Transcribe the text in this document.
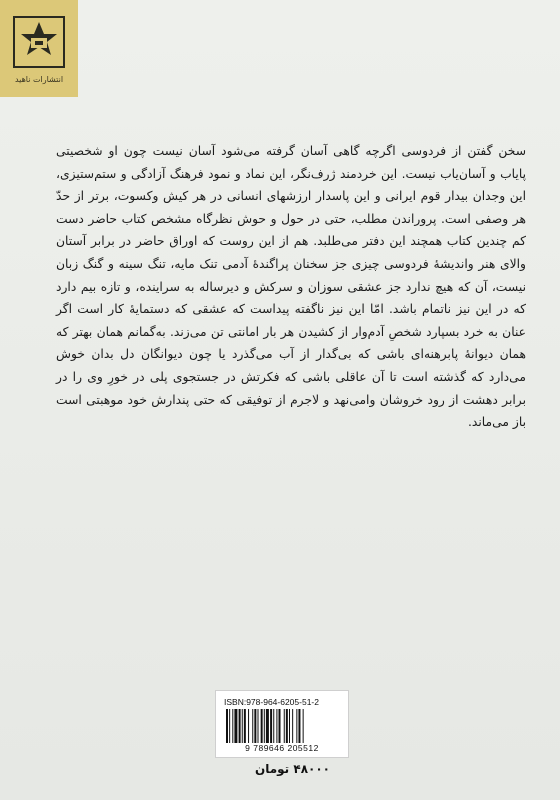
انتشارات ناهید

سخن گفتن از فردوسی اگرچه گاهی آسان گرفته می‌شود آسان نیست چون او شخصیتی پایاب و آسان‌یاب نیست. این خردمند ژرف‌نگر، این نماد و نمود فرهنگ آزادگی و ستم‌ستیزی، این وجدان بیدار قوم ایرانی و این پاسدار ارزشهای انسانی در هر کیش وکسوت، برتر از حدّ هر وصفی است. پروراندن مطلب، حتی در حول و حوش نظرگاه مشخص کتاب حاضر دست کم چندین کتاب همچند این دفتر می‌طلبد. هم از این روست که اوراق حاضر در برابر آستان والای هنر واندیشهٔ فردوسی چیزی جز سخنان پراگندهٔ آدمی تنک مایه، تنگ سینه و گنگ زبان نیست، آن که هیچ ندارد جز عشقی سوزان و سرکش و دیرساله به سراینده، و تازه بیم دارد که در این نیز ناتمام باشد. امّا این نیز ناگفته پیداست که عشقی که دستمایهٔ کار است اگر عنان به خرد بسپارد شخصِ آدم‌وار از کشیدن هر بار امانتی تن می‌زند. به‌گمانم همان بهتر که همان دیوانهٔ پابرهنه‌ای باشی که بی‌گدار از آب می‌گذرد یا چون دیوانگان دل بدان خوش می‌دارد که گذشته است تا آن عاقلی باشی که فکرتش در جستجوی پلی در خورِ وی را در برابر دهشت از رود خروشان وامی‌نهد و لاجرم از توفیقی که حتی پندارش خود موهبتی است باز می‌ماند.

ISBN:978-964-6205-51-2
9 789646 205512
۴۸۰۰۰ تومان
